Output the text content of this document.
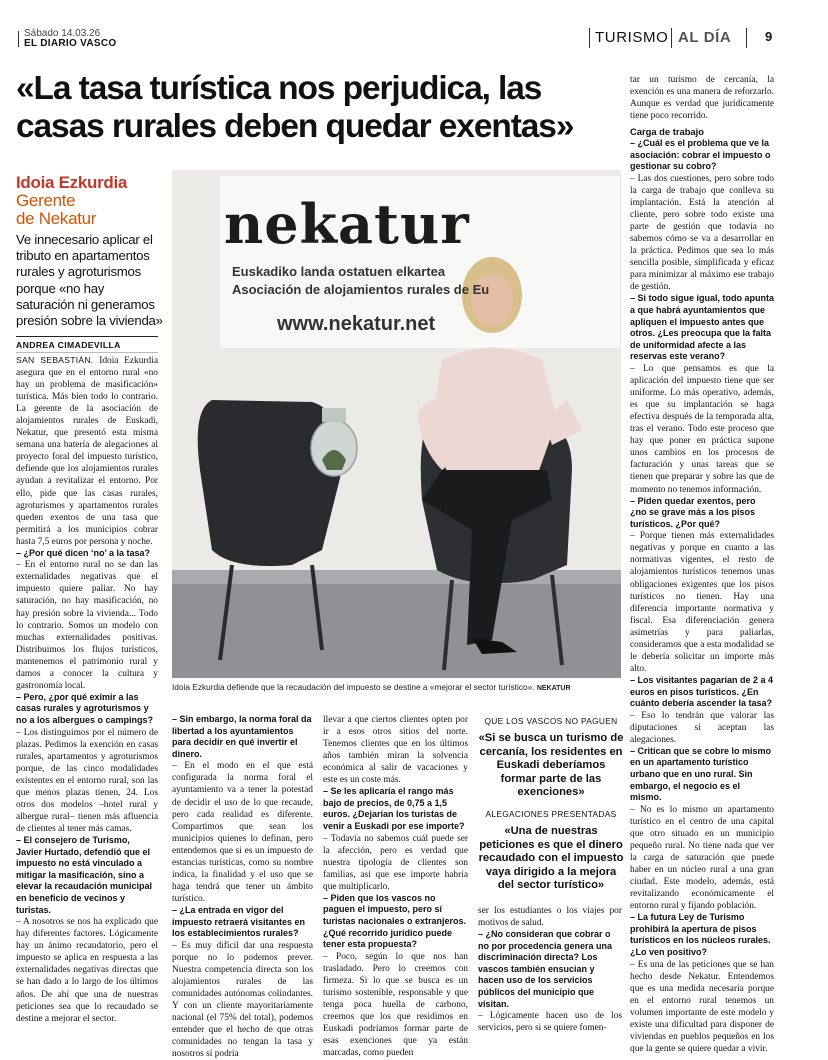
Sábado 14.03.26
EL DIARIO VASCO	TURISMO AL DÍA	9
«La tasa turística nos perjudica, las casas rurales deben quedar exentas»
Idoia Ezkurdia
Gerente
de Nekatur
Ve innecesario aplicar el tributo en apartamentos rurales y agroturismos porque «no hay saturación ni generamos presión sobre la vivienda»
ANDREA CIMADEVILLA
nekatur
Euskadiko landa ostatuen elkartea
Asociación de alojamientos rurales de Eu
www.nekatur.net
Idoia Ezkurdia defiende que la recaudación del impuesto se destine a «mejorar el sector turístico». NEKATUR

SAN SEBASTIÁN. Idoia Ezkurdia asegura que en el entorno rural «no hay un problema de masificación» turística. Más bien todo lo contrario. La gerente de la asociación de alojamientos rurales de Euskadi, Nekatur, que presentó esta misma semana una batería de alegaciones al proyecto foral del impuesto turístico, defiende que los alojamientos rurales ayudan a revitalizar el entorno. Por ello, pide que las casas rurales, agroturismos y apartamentos rurales queden exentos de una tasa que permitirá a los municipios cobrar hasta 7,5 euros por persona y noche.

– ¿Por qué dicen ‘no’ a la tasa?

– En el entorno rural no se dan las externalidades negativas que el impuesto quiere paliar. No hay saturación, no hay masificación, no hay presión sobre la vivienda... Todo lo contrario. Somos un modelo con muchas externalidades positivas. Distribuimos los flujos turísticos, mantenemos el patrimonio rural y damos a conocer la cultura y gastronomía local.

– Pero, ¿por qué eximir a las casas rurales y agroturismos y no a los albergues o campings?

– Los distinguimos por el número de plazas. Pedimos la exención en casas rurales, apartamentos y agroturismos porque, de las cinco modalidades existentes en el entorno rural, son las que menos plazas tienen, 24. Los otros dos modelos –hotel rural y albergue rural– tienen más afluencia de clientes al tener más camas.

– El consejero de Turismo, Javier Hurtado, defendió que el impuesto no está vinculado a mitigar la masificación, sino a elevar la recaudación municipal en beneficio de vecinos y turistas.

– A nosotros se nos ha explicado que hay diferentes factores. Lógicamente hay un ánimo recaudatorio, pero el impuesto se aplica en respuesta a las externalidades negativas directas que se han dado a lo largo de los últimos años. De ahí que una de nuestras peticiones sea que lo recaudado se destine a mejorar el sector.

– Sin embargo, la norma foral da libertad a los ayuntamientos para decidir en qué invertir el dinero.

– En el modo en el que está configurada la norma foral el ayuntamiento va a tener la potestad de decidir el uso de lo que recaude, pero cada realidad es diferente. Compartimos que sean los municipios quienes lo definan, pero entendemos que si es un impuesto de estancias turísticas, como su nombre indica, la finalidad y el uso que se haga tendrá que tener un ámbito turístico.

– ¿La entrada en vigor del impuesto retraerá visitantes en los establecimientos rurales?

– Es muy difícil dar una respuesta porque no lo podemos prever. Nuestra competencia directa son los alojamientos rurales de las comunidades autónomas colindantes. Y con un cliente mayoritariamente nacional (el 75% del total), podemos entender que el hecho de que otras comunidades no tengan la tasa y nosotros sí podría

llevar a que ciertos clientes opten por ir a esos otros sitios del norte. Tenemos clientes que en los últimos años también miran la solvencia económica al salir de vacaciones y este es un coste más.

– Se les aplicaría el rango más bajo de precios, de 0,75 a 1,5 euros. ¿Dejarían los turistas de venir a Euskadi por ese importe?

– Todavía no sabemos cuál puede ser la afección, pero es verdad que nuestra tipología de clientes son familias, así que ese importe habría que multiplicarlo.

– Piden que los vascos no paguen el impuesto, pero sí turistas nacionales o extranjeros. ¿Qué recorrido jurídico puede tener esta propuesta?

– Poco, según lo que nos han trasladado. Pero lo creemos con firmeza. Si lo que se busca es un turismo sostenible, responsable y que tenga poca huella de carbono, creemos que los que residimos en Euskadi podríamos formar parte de esas exenciones que ya están marcadas, como pueden

QUE LOS VASCOS NO PAGUEN
«Si se busca un turismo de cercanía, los residentes en Euskadi deberíamos formar parte de las exenciones»
ALEGACIONES PRESENTADAS
«Una de nuestras peticiones es que el dinero recaudado con el impuesto vaya dirigido a la mejora del sector turístico»

ser los estudiantes o los viajes por motivos de salud.

– ¿No consideran que cobrar o no por procedencia genera una discriminación directa? Los vascos también ensucian y hacen uso de los servicios públicos del municipio que visitan.

– Lógicamente hacen uso de los servicios, pero si se quiere fomen-

tar un turismo de cercanía, la exención es una manera de reforzarlo. Aunque es verdad que jurídicamente tiene poco recorrido.

Carga de trabajo

– ¿Cuál es el problema que ve la asociación: cobrar el impuesto o gestionar su cobro?

– Las dos cuestiones, pero sobre todo la carga de trabajo que conlleva su implantación. Está la atención al cliente, pero sobre todo existe una parte de gestión que todavía no sabemos cómo se va a desarrollar en la práctica. Pedimos que sea lo más sencilla posible, simplificada y eficaz para minimizar al máximo ese trabajo de gestión.

– Si todo sigue igual, todo apunta a que habrá ayuntamientos que apliquen el impuesto antes que otros. ¿Les preocupa que la falta de uniformidad afecte a las reservas este verano?

– Lo que pensamos es que la aplicación del impuesto tiene que ser uniforme. Lo más operativo, además, es que su implantación se haga efectiva después de la temporada alta, tras el verano. Todo este proceso que hay que poner en práctica supone unos cambios en los procesos de facturación y unas tareas que se tienen que preparar y sobre las que de momento no tenemos información.

– Piden quedar exentos, pero ¿no se grave más a los pisos turísticos. ¿Por qué?

– Porque tienen más externalidades negativas y porque en cuanto a las normativas vigentes, el resto de alojamientos turísticos tenemos unas obligaciones exigentes que los pisos turísticos no tienen. Hay una diferencia importante normativa y fiscal. Esa diferenciación genera asimetrías y para paliarlas, consideramos que a esta modalidad se le debería solicitar un importe más alto.

– Los visitantes pagarían de 2 a 4 euros en pisos turísticos. ¿En cuánto debería ascender la tasa?

– Eso lo tendrán que valorar las diputaciones si aceptan las alegaciones.

– Critican que se cobre lo mismo en un apartamento turístico urbano que en uno rural. Sin embargo, el negocio es el mismo.

– No es lo mismo un apartamento turístico en el centro de una capital que otro situado en un municipio pequeño rural. No tiene nada que ver la carga de saturación que puede haber en un núcleo rural a una gran ciudad. Este modelo, además, está revitalizando económicamente el entorno rural y fijando población.

– La futura Ley de Turismo prohibirá la apertura de pisos turísticos en los núcleos rurales. ¿Lo ven positivo?

– Es una de las peticiones que se han hecho desde Nekatur. Entendemos que es una medida necesaria porque en el entorno rural tenemos un volumen importante de este modelo y existe una dificultad para disponer de viviendas en pueblos pequeños en los que la gente se quiere quedar a vivir.
